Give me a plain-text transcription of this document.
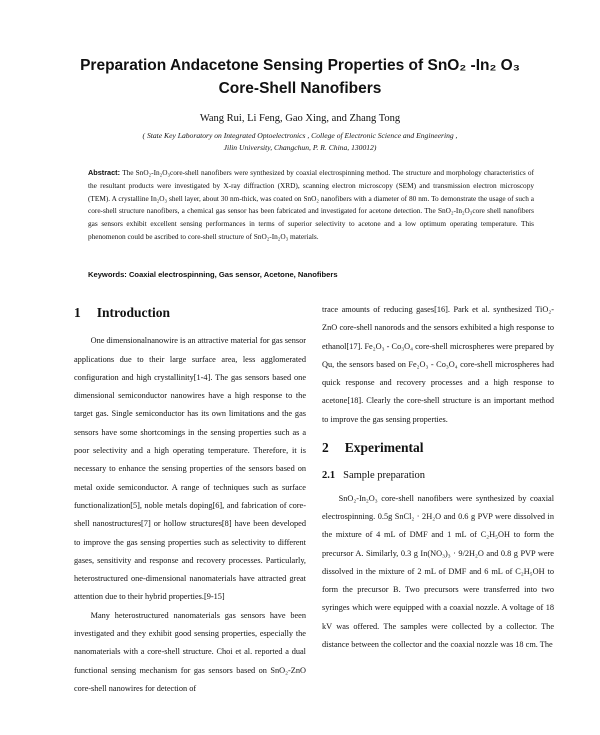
Preparation Andacetone Sensing Properties of SnO₂ -In₂ O₃
Core-Shell Nanofibers
Wang Rui, Li Feng, Gao Xing, and Zhang Tong
( State Key Laboratory on Integrated Optoelectronics , College of Electronic Science and Engineering ,
Jilin University, Changchun, P. R. China, 130012)
Abstract: The SnO₂-In₂O₃core-shell nanofibers were synthesized by coaxial electrospinning method. The structure and morphology characteristics of the resultant products were investigated by X-ray diffraction (XRD), scanning electron microscopy (SEM) and transmission electron microscopy (TEM). A crystalline In₂O₃ shell layer, about 30 nm-thick, was coated on SnO₂ nanofibers with a diameter of 80 nm. To demonstrate the usage of such a core-shell structure nanofibers, a chemical gas sensor has been fabricated and investigated for acetone detection. The SnO₂-In₂O₃core shell nanofibers gas sensors exhibit excellent sensing performances in terms of superior selectivity to acetone and a low optimum operating temperature. This phenomenon could be ascribed to core-shell structure of SnO₂-In₂O₃ materials.
Keywords: Coaxial electrospinning, Gas sensor, Acetone, Nanofibers
1 Introduction

One dimensionalnanowire is an attractive material for gas sensor applications due to their large surface area, less agglomerated configuration and high crystallinity[1-4]. The gas sensors based one dimensional semiconductor nanowires have a high response to the target gas. Single semiconductor has its own limitations and the gas sensors have some shortcomings in the sensing properties such as a poor selectivity and a high operating temperature. Therefore, it is necessary to enhance the sensing properties of the sensors based on metal oxide semiconductor. A range of techniques such as surface functionalization[5], noble metals doping[6], and fabrication of core-shell nanostructures[7] or hollow structures[8] have been developed to improve the gas sensing properties such as selectivity to different gases, sensitivity and response and recovery processes. Particularly, heterostructured one-dimensional nanomaterials have attracted great attention due to their hybrid properties.[9-15]

Many heterostructured nanomaterials gas sensors have been investigated and they exhibit good sensing properties, especially the nanomaterials with a core-shell structure. Choi et al. reported a dual functional sensing mechanism for gas sensors based on SnO₂-ZnO core-shell nanowires for detection of

trace amounts of reducing gases[16]. Park et al. synthesized TiO₂-ZnO core-shell nanorods and the sensors exhibited a high response to ethanol[17]. Fe₂O₃ - Co₃O₄ core-shell microspheres were prepared by Qu, the sensors based on Fe₂O₃ - Co₃O₄ core-shell microspheres had quick response and recovery processes and a high response to acetone[18]. Clearly the core-shell structure is an important method to improve the gas sensing properties.

2 Experimental
2.1 Sample preparation

SnO₂-In₂O₃ core-shell nanofibers were synthesized by coaxial electrospinning. 0.5g SnCl₂ · 2H₂O and 0.6 g PVP were dissolved in the mixture of 4 mL of DMF and 1 mL of C₂H₅OH to form the precursor A. Similarly, 0.3 g In(NO₃)₃ · 9/2H₂O and 0.8 g PVP were dissolved in the mixture of 2 mL of DMF and 6 mL of C₂H₅OH to form the precursor B. Two precursors were transferred into two syringes which were equipped with a coaxial nozzle. A voltage of 18 kV was offered. The samples were collected by a collector. The distance between the collector and the coaxial nozzle was 18 cm. The
